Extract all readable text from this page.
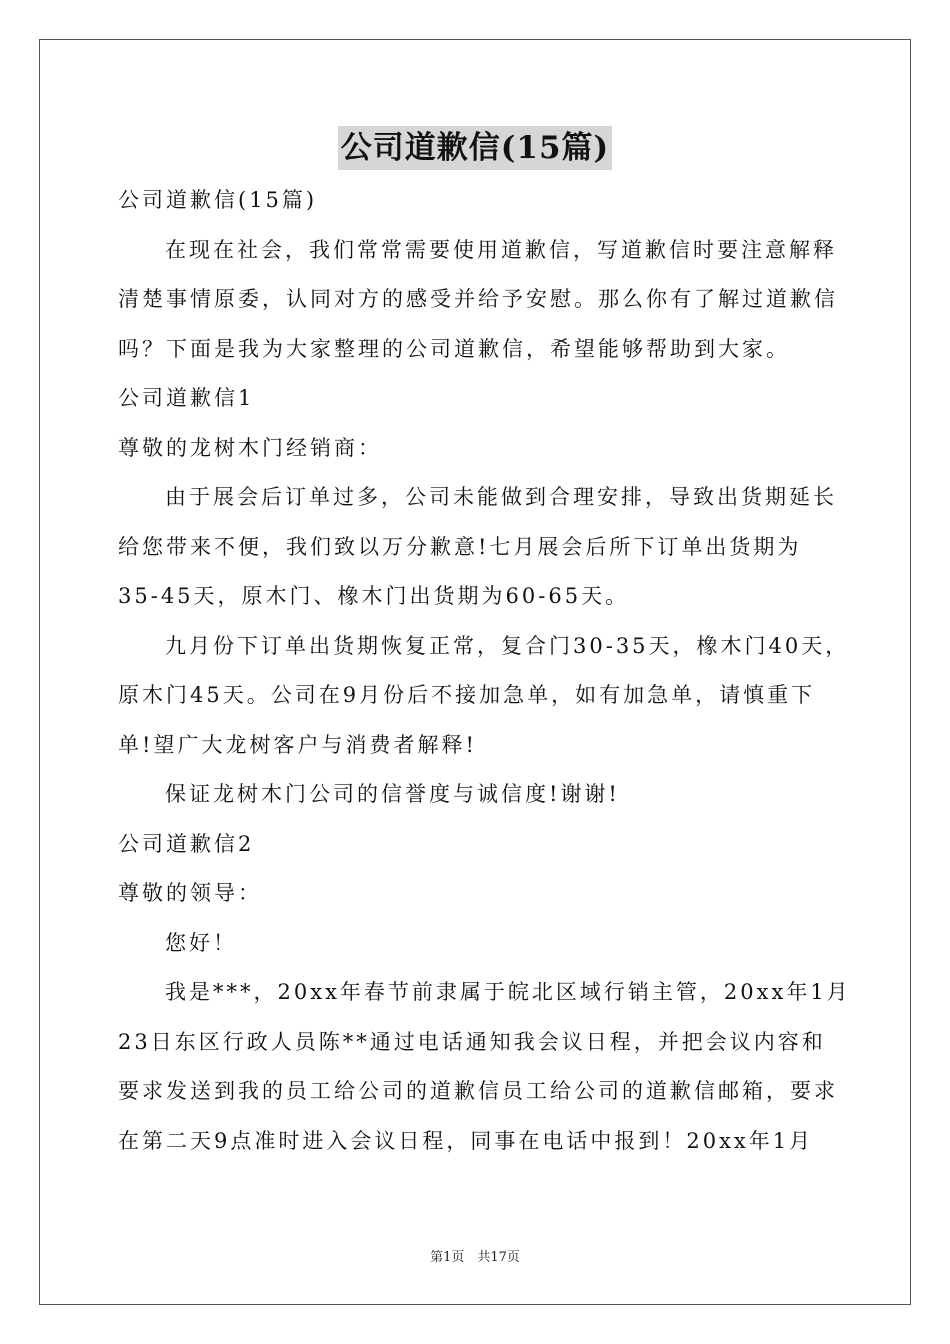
公司道歉信(15篇)
公司道歉信(15篇)
在现在社会，我们常常需要使用道歉信，写道歉信时要注意解释
清楚事情原委，认同对方的感受并给予安慰。那么你有了解过道歉信
吗？下面是我为大家整理的公司道歉信，希望能够帮助到大家。
公司道歉信1
尊敬的龙树木门经销商：
由于展会后订单过多，公司未能做到合理安排，导致出货期延长
给您带来不便，我们致以万分歉意!七月展会后所下订单出货期为
35-45天，原木门、橡木门出货期为60-65天。
九月份下订单出货期恢复正常，复合门30-35天，橡木门40天，
原木门45天。公司在9月份后不接加急单，如有加急单，请慎重下
单!望广大龙树客户与消费者解释!
保证龙树木门公司的信誉度与诚信度!谢谢!
公司道歉信2
尊敬的领导：
您好！
我是***，20xx年春节前隶属于皖北区域行销主管，20xx年1月
23日东区行政人员陈**通过电话通知我会议日程，并把会议内容和
要求发送到我的员工给公司的道歉信员工给公司的道歉信邮箱，要求
在第二天9点准时进入会议日程，同事在电话中报到！20xx年1月
第1页　共17页
